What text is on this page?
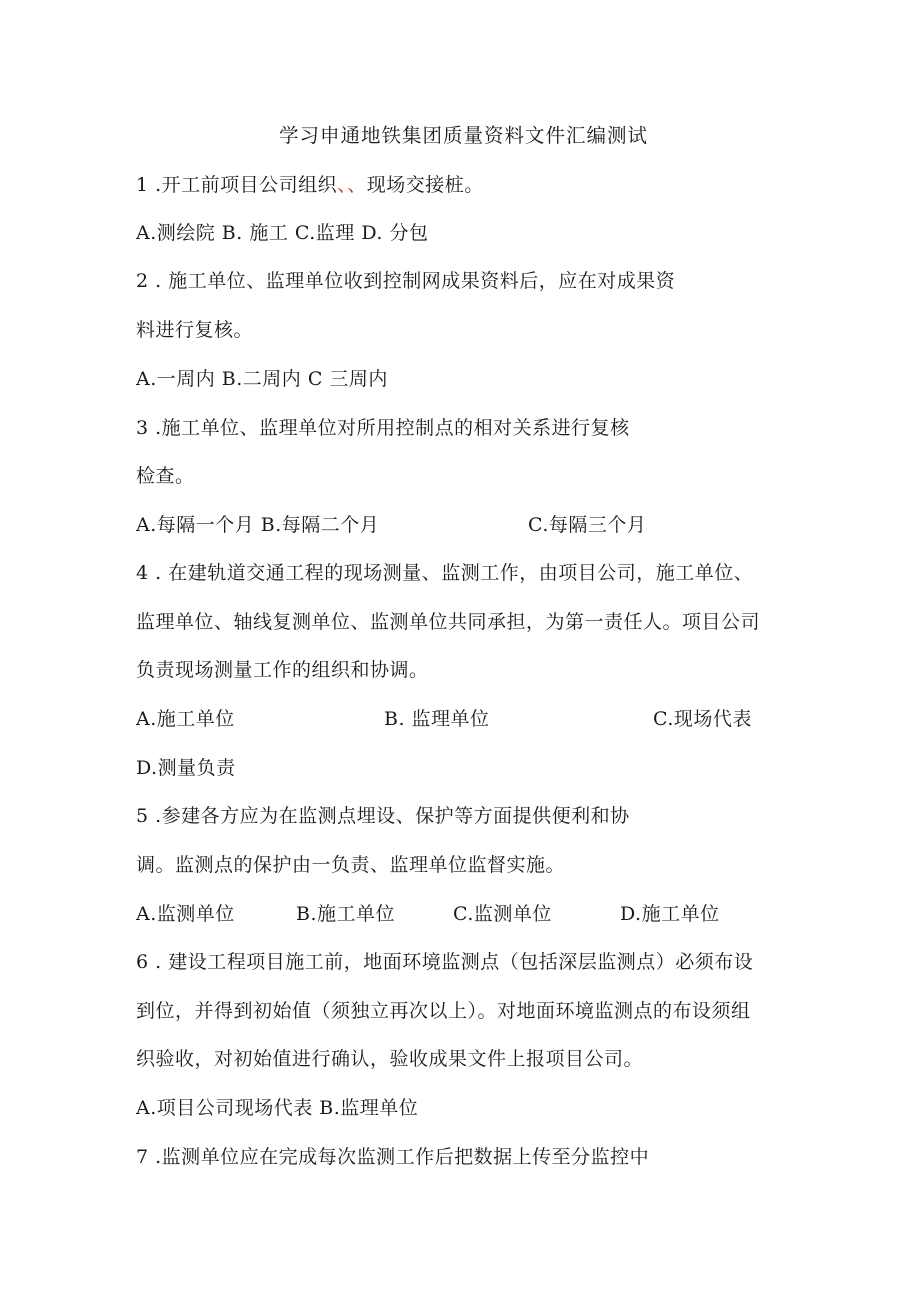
学习申通地铁集团质量资料文件汇编测试
1 .开工前项目公司组织、、现场交接桩。
A.测绘院 B. 施工 C.监理 D. 分包
2 . 施工单位、监理单位收到控制网成果资料后，应在对成果资
料进行复核。
A.一周内 B.二周内 C 三周内
3 .施工单位、监理单位对所用控制点的相对关系进行复核
检查。
A.每隔一个月 B.每隔二个月	C.每隔三个月
4 . 在建轨道交通工程的现场测量、监测工作，由项目公司，施工单位、
监理单位、轴线复测单位、监测单位共同承担，为第一责任人。项目公司
负责现场测量工作的组织和协调。
A.施工单位	B. 监理单位	C.现场代表
D.测量负责
5 .参建各方应为在监测点埋设、保护等方面提供便利和协
调。监测点的保护由一负责、监理单位监督实施。
A.监测单位	B.施工单位	C.监测单位	D.施工单位
6 . 建设工程项目施工前，地面环境监测点（包括深层监测点）必须布设
到位，并得到初始值（须独立再次以上）。对地面环境监测点的布设须组
织验收，对初始值进行确认，验收成果文件上报项目公司。
A.项目公司现场代表 B.监理单位
7 .监测单位应在完成每次监测工作后把数据上传至分监控中
